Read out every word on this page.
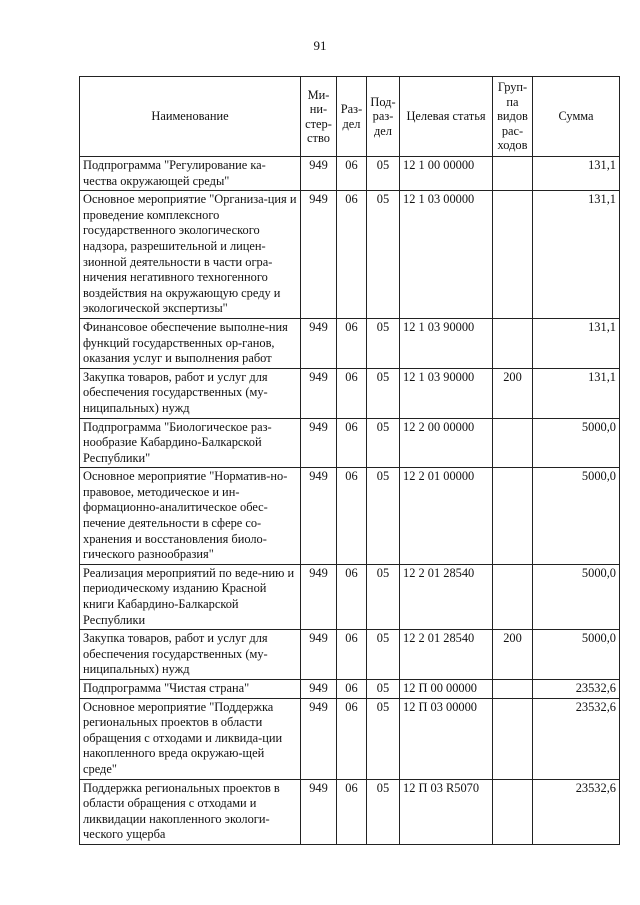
91
Наименование	Ми-ни-стер-ство	Раз-дел	Под-раз-дел	Целевая статья	Груп-па видов рас-ходов	Сумма
Подпрограмма "Регулирование ка-чества окружающей среды"	949	06	05	12 1 00 00000		131,1
Основное мероприятие "Организа-ция и проведение комплексного государственного экологического надзора, разрешительной и лицен-зионной деятельности в части огра-ничения негативного техногенного воздействия на окружающую среду и экологической экспертизы"	949	06	05	12 1 03 00000		131,1
Финансовое обеспечение выполне-ния функций государственных ор-ганов, оказания услуг и выполнения работ	949	06	05	12 1 03 90000		131,1
Закупка товаров, работ и услуг для обеспечения государственных (му-ниципальных) нужд	949	06	05	12 1 03 90000	200	131,1
Подпрограмма "Биологическое раз-нообразие Кабардино-Балкарской Республики"	949	06	05	12 2 00 00000		5000,0
Основное мероприятие "Норматив-но-правовое, методическое и ин-формационно-аналитическое обес-печение деятельности в сфере со-хранения и восстановления биоло-гического разнообразия"	949	06	05	12 2 01 00000		5000,0
Реализация мероприятий по веде-нию и периодическому изданию Красной книги Кабардино-Балкарской Республики	949	06	05	12 2 01 28540		5000,0
Закупка товаров, работ и услуг для обеспечения государственных (му-ниципальных) нужд	949	06	05	12 2 01 28540	200	5000,0
Подпрограмма "Чистая страна"	949	06	05	12 П 00 00000		23532,6
Основное мероприятие "Поддержка региональных проектов в области обращения с отходами и ликвида-ции накопленного вреда окружаю-щей среде"	949	06	05	12 П 03 00000		23532,6
Поддержка региональных проектов в области обращения с отходами и ликвидации накопленного экологи-ческого ущерба	949	06	05	12 П 03 R5070		23532,6
